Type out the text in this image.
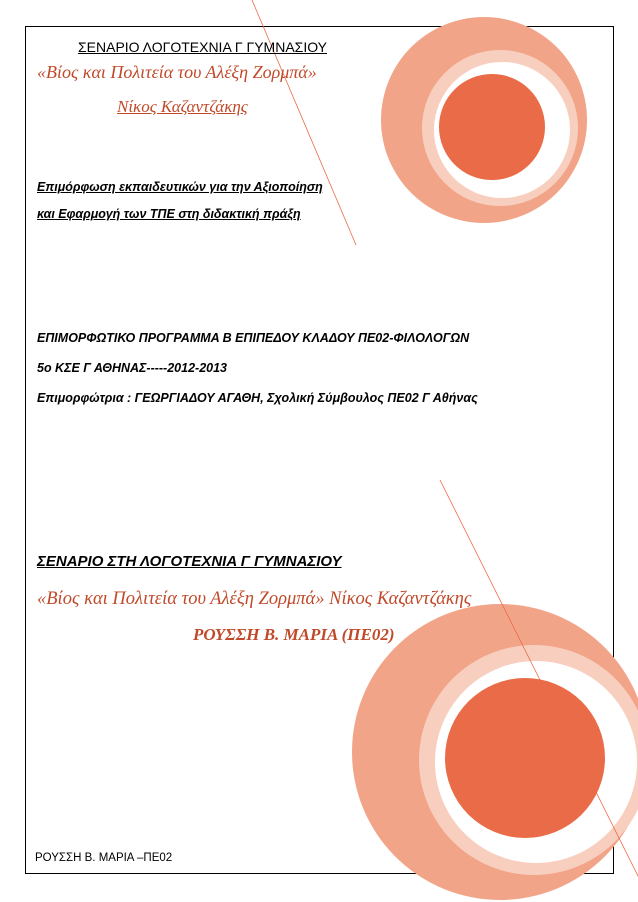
ΣΕΝΑΡΙΟ ΛΟΓΟΤΕΧΝΙΑ Γ ΓΥΜΝΑΣΙΟΥ

«Βίος και Πολιτεία του Αλέξη Ζορμπά»

Νίκος Καζαντζάκης

Επιμόρφωση εκπαιδευτικών για την Αξιοποίηση

και Εφαρμογή των ΤΠΕ στη διδακτική πράξη

ΕΠΙΜΟΡΦΩΤΙΚΟ ΠΡΟΓΡΑΜΜΑ Β ΕΠΙΠΕΔΟΥ ΚΛΑΔΟΥ ΠΕ02-ΦΙΛΟΛΟΓΩΝ

5ο ΚΣΕ Γ ΑΘΗΝΑΣ-----2012-2013

Επιμορφώτρια : ΓΕΩΡΓΙΑΔΟΥ ΑΓΑΘΗ, Σχολική Σύμβουλος ΠΕ02 Γ Αθήνας

ΣΕΝΑΡΙΟ ΣΤΗ ΛΟΓΟΤΕΧΝΙΑ Γ ΓΥΜΝΑΣΙΟΥ

«Βίος και Πολιτεία του Αλέξη Ζορμπά» Νίκος Καζαντζάκης

ΡΟΥΣΣΗ Β. ΜΑΡΙΑ (ΠΕ02)

ΡΟΥΣΣΗ Β. ΜΑΡΙΑ –ΠΕ02
